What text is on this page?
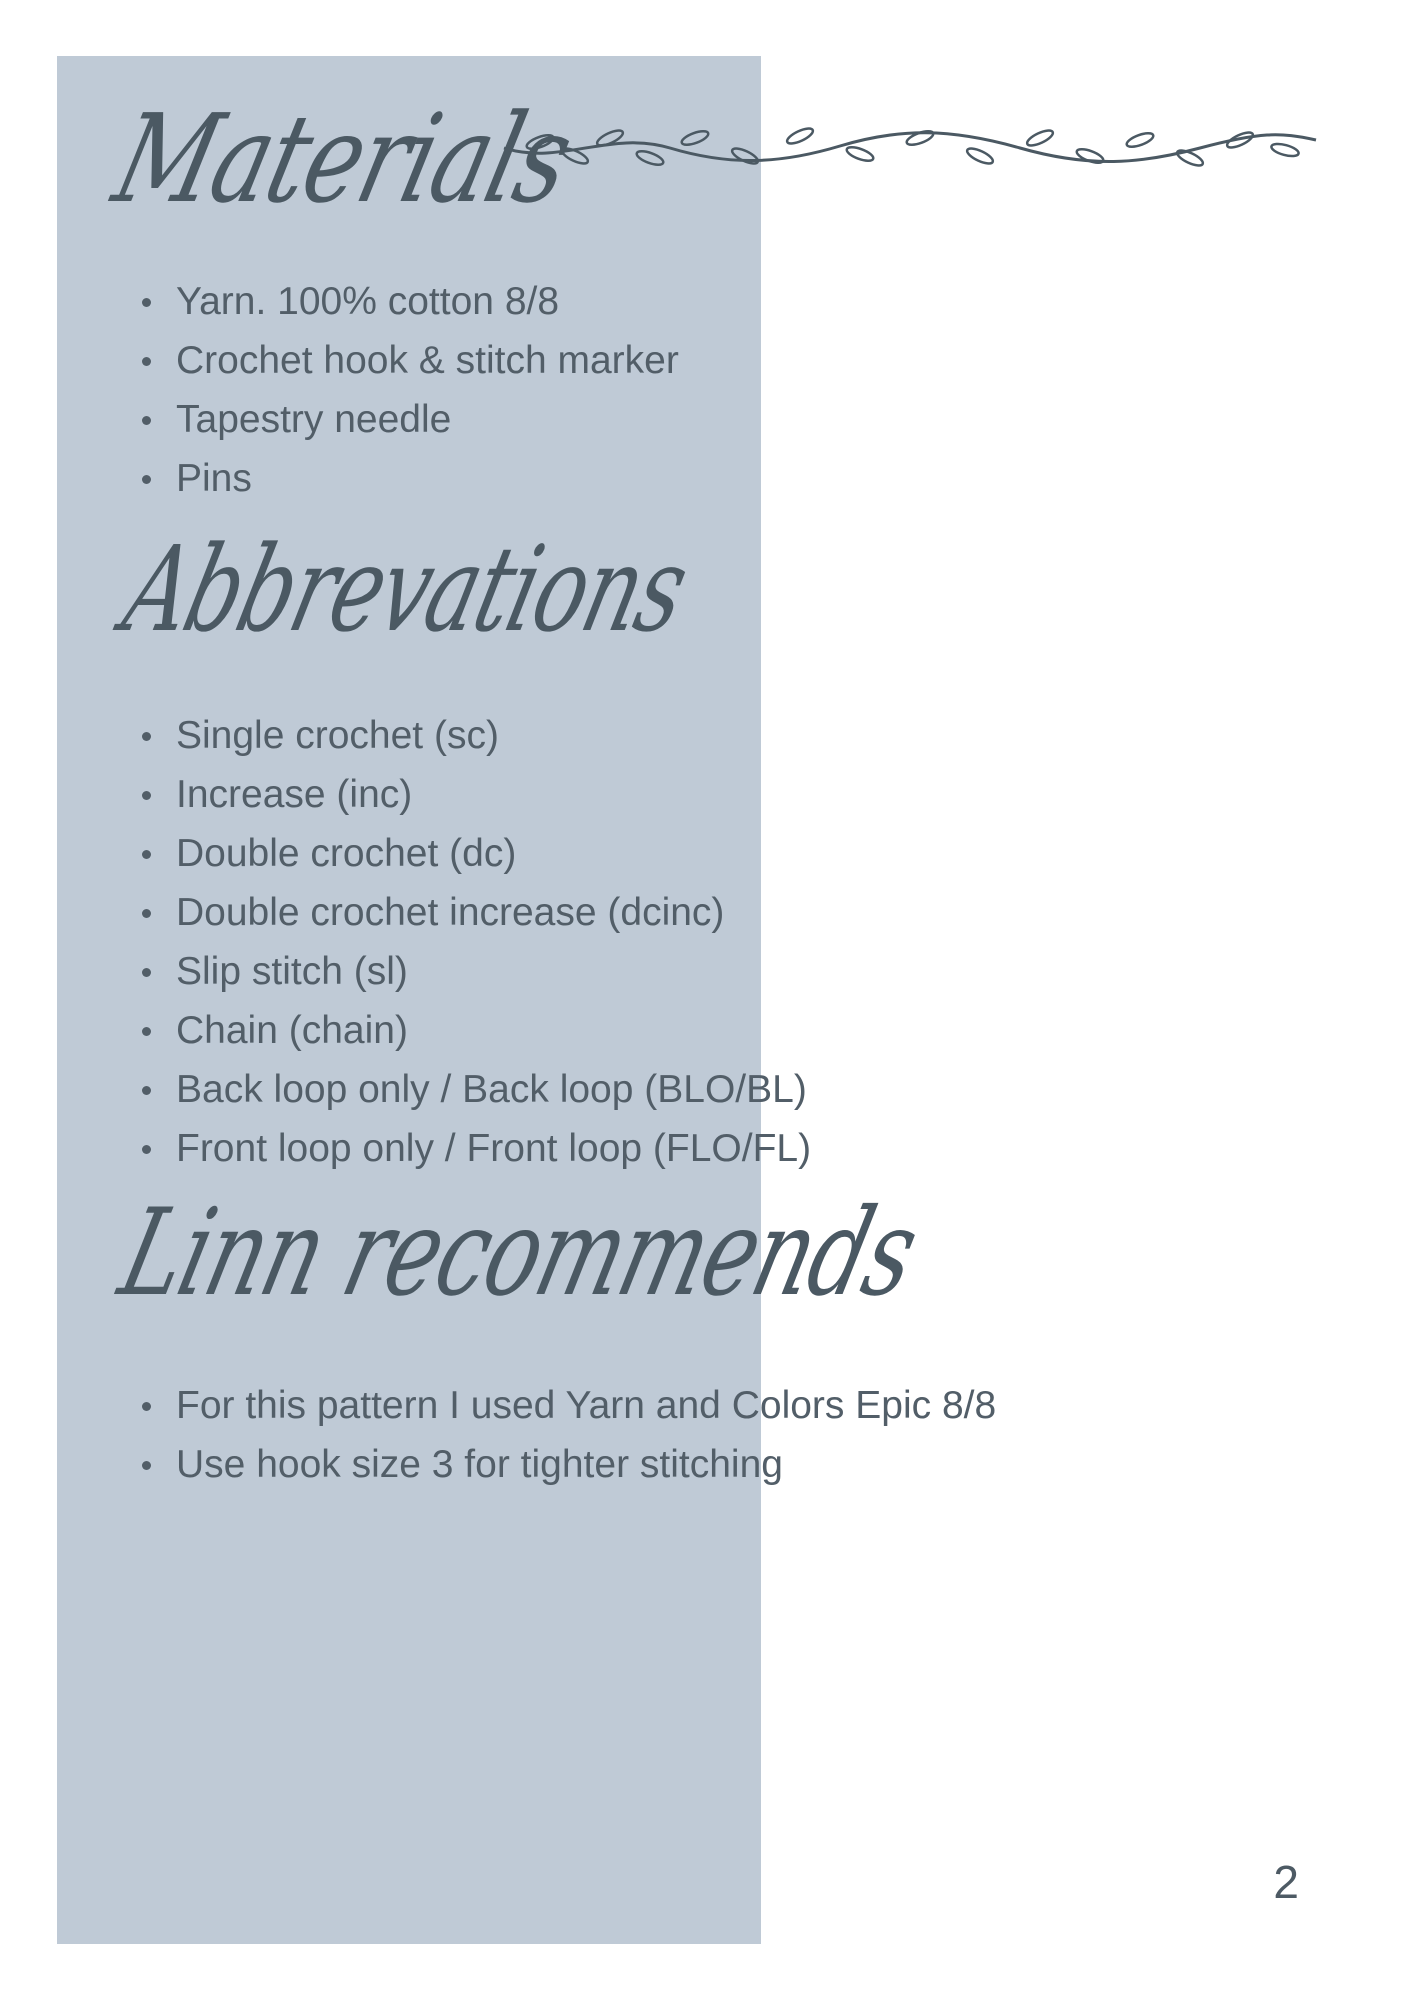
Materials
Yarn. 100% cotton 8/8
Crochet hook & stitch marker
Tapestry needle
Pins
Abbrevations
Single crochet (sc)
Increase (inc)
Double crochet (dc)
Double crochet increase (dcinc)
Slip stitch (sl)
Chain (chain)
Back loop only / Back loop (BLO/BL)
Front loop only / Front loop (FLO/FL)
Linn recommends
For this pattern I used Yarn and Colors Epic 8/8
Use hook size 3 for tighter stitching
2
